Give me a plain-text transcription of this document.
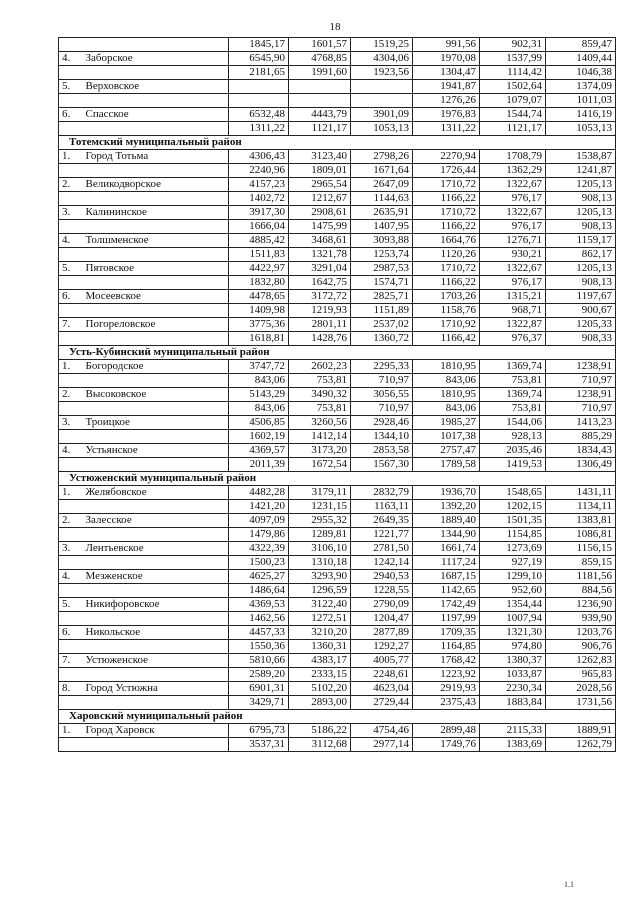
18
		1845,17	1601,57	1519,25	991,56	902,31	859,47
4.	Заборское	6545,90	4768,85	4304,06	1970,08	1537,99	1409,44
		2181,65	1991,60	1923,56	1304,47	1114,42	1046,38
5.	Верховское				1941,87	1502,64	1374,09
					1276,26	1079,07	1011,03
6.	Спасское	6532,48	4443,79	3901,09	1976,83	1544,74	1416,19
		1311,22	1121,17	1053,13	1311,22	1121,17	1053,13
Тотемский муниципальный район							
1.	Город Тотьма	4306,43	3123,40	2798,26	2270,94	1708,79	1538,87
		2240,96	1809,01	1671,64	1726,44	1362,29	1241,87
2.	Великодворское	4157,23	2965,54	2647,09	1710,72	1322,67	1205,13
		1402,72	1212,67	1144,63	1166,22	976,17	908,13
3.	Калининское	3917,30	2908,61	2635,91	1710,72	1322,67	1205,13
		1666,04	1475,99	1407,95	1166,22	976,17	908,13
4.	Толшменское	4885,42	3468,61	3093,88	1664,76	1276,71	1159,17
		1511,83	1321,78	1253,74	1120,26	930,21	862,17
5.	Пятовское	4422,97	3291,04	2987,53	1710,72	1322,67	1205,13
		1832,80	1642,75	1574,71	1166,22	976,17	908,13
6.	Мосеевское	4478,65	3172,72	2825,71	1703,26	1315,21	1197,67
		1409,98	1219,93	1151,89	1158,76	968,71	900,67
7.	Погореловское	3775,36	2801,11	2537,02	1710,92	1322,87	1205,33
		1618,81	1428,76	1360,72	1166,42	976,37	908,33
Усть-Кубинский муниципальный район							
1.	Богородское	3747,72	2602,23	2295,33	1810,95	1369,74	1238,91
		843,06	753,81	710,97	843,06	753,81	710,97
2.	Высоковское	5143,29	3490,32	3056,55	1810,95	1369,74	1238,91
		843,06	753,81	710,97	843,06	753,81	710,97
3.	Троицкое	4506,85	3260,56	2928,46	1985,27	1544,06	1413,23
		1602,19	1412,14	1344,10	1017,38	928,13	885,29
4.	Устьянское	4369,57	3173,20	2853,58	2757,47	2035,46	1834,43
		2011,39	1672,54	1567,30	1789,58	1419,53	1306,49
Устюженский муниципальный район							
1.	Желябовское	4482,28	3179,11	2832,79	1936,70	1548,65	1431,11
		1421,20	1231,15	1163,11	1392,20	1202,15	1134,11
2.	Залесское	4097,09	2955,32	2649,35	1889,40	1501,35	1383,81
		1479,86	1289,81	1221,77	1344,90	1154,85	1086,81
3.	Лентьевское	4322,39	3106,10	2781,50	1661,74	1273,69	1156,15
		1500,23	1310,18	1242,14	1117,24	927,19	859,15
4.	Мезженское	4625,27	3293,90	2940,53	1687,15	1299,10	1181,56
		1486,64	1296,59	1228,55	1142,65	952,60	884,56
5.	Никифоровское	4369,53	3122,40	2790,09	1742,49	1354,44	1236,90
		1462,56	1272,51	1204,47	1197,99	1007,94	939,90
6.	Никольское	4457,33	3210,20	2877,89	1709,35	1321,30	1203,76
		1550,36	1360,31	1292,27	1164,85	974,80	906,76
7.	Устюженское	5810,66	4383,17	4005,77	1768,42	1380,37	1262,83
		2589,20	2333,15	2248,61	1223,92	1033,87	965,83
8.	Город Устюжна	6901,31	5102,20	4623,04	2919,93	2230,34	2028,56
		3429,71	2893,00	2729,44	2375,43	1883,84	1731,56
Харовский муниципальный район							
1.	Город Харовск	6795,73	5186,22	4754,46	2899,48	2115,33	1889,91
		3537,31	3112,68	2977,14	1749,76	1383,69	1262,79
1.1
